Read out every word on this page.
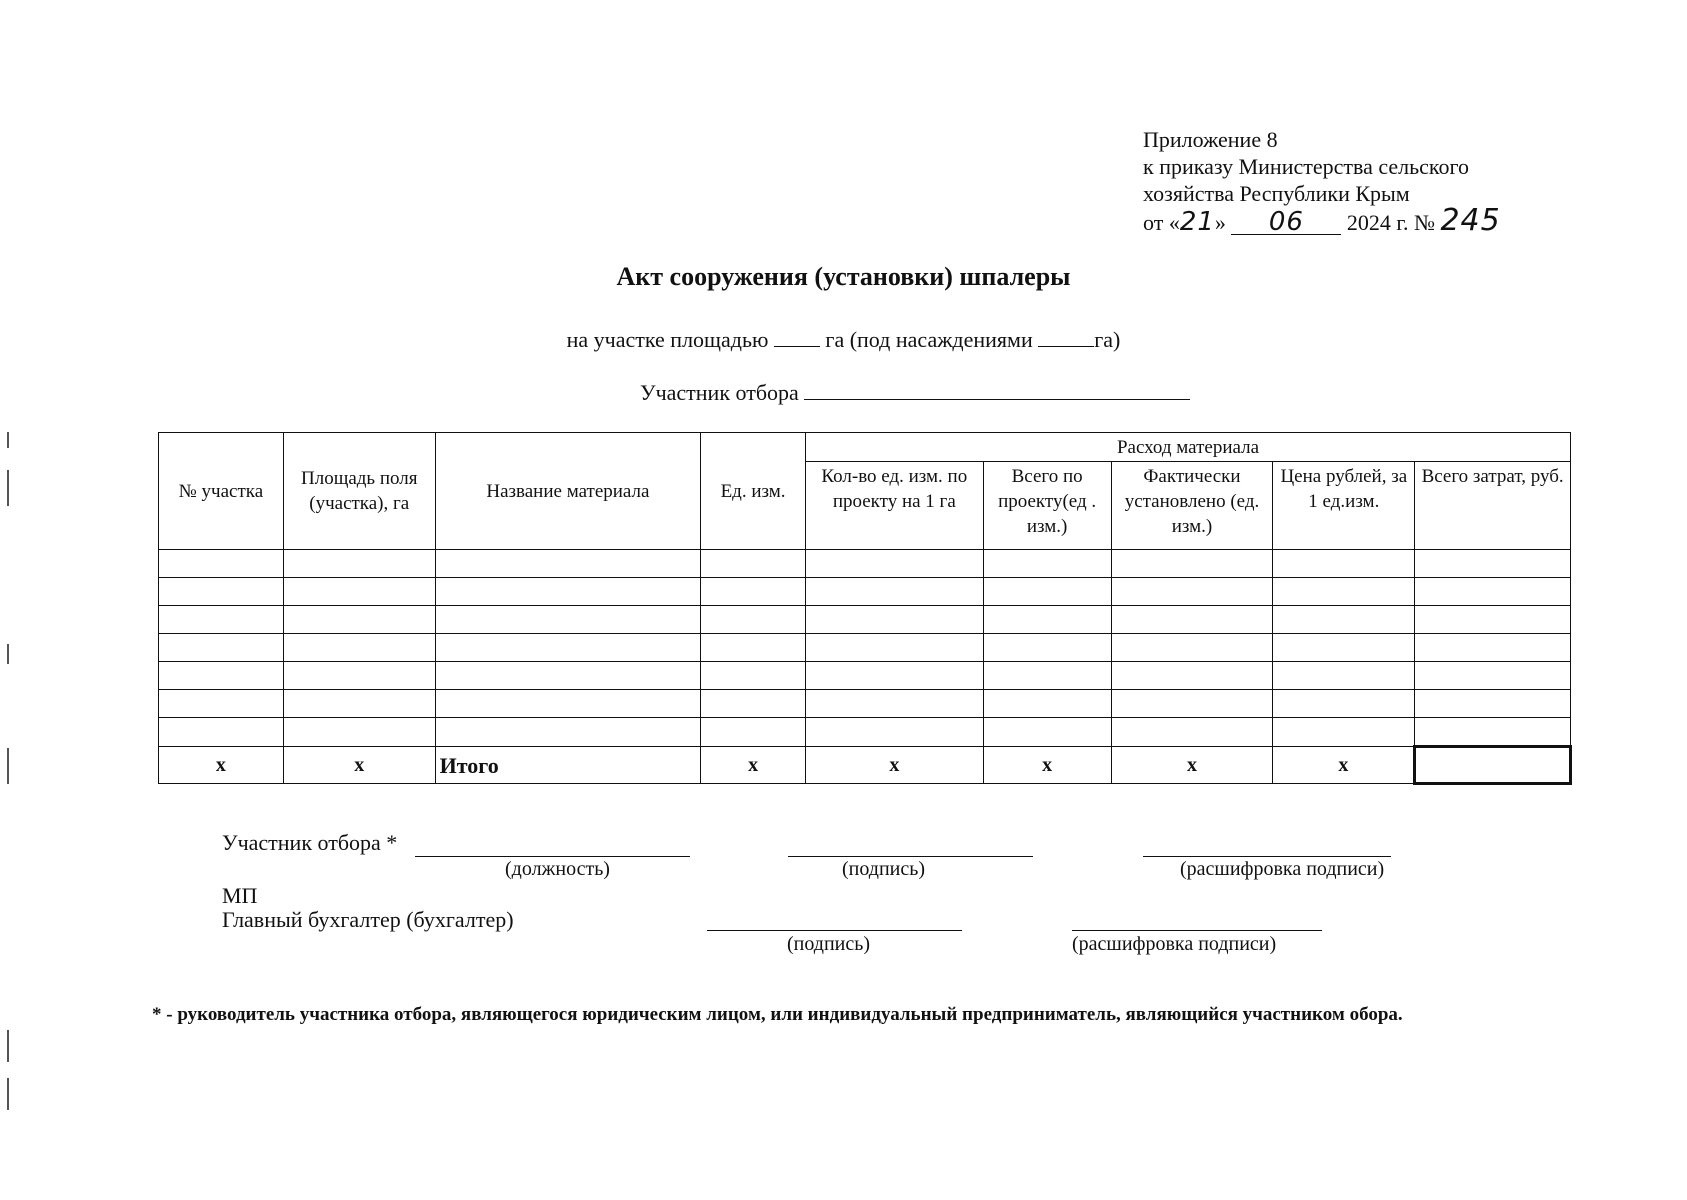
Приложение 8
к приказу Министерства сельского
хозяйства Республики Крым
от «21» 06 2024 г. № 245
Акт сооружения (установки) шпалеры
на участке площадью	га (под насаждениями	га)
Участник отбора
№ участка	Площадь поля (участка), га	Название материала	Ед. изм.	Расход материала				
				Кол-во ед. изм. по проекту на 1 га	Всего по проекту(ед . изм.)	Фактически установлено (ед. изм.)	Цена рублей, за 1 ед.изм.	Всего затрат, руб.

x	x	Итого	x	x	x	x	x	
Участник отбора *
(должность)	(подпись)	(расшифровка подписи)
МП
Главный бухгалтер (бухгалтер)
(подпись)	(расшифровка подписи)
* - руководитель участника отбора, являющегося юридическим лицом, или индивидуальный предприниматель, являющийся участником обора.
